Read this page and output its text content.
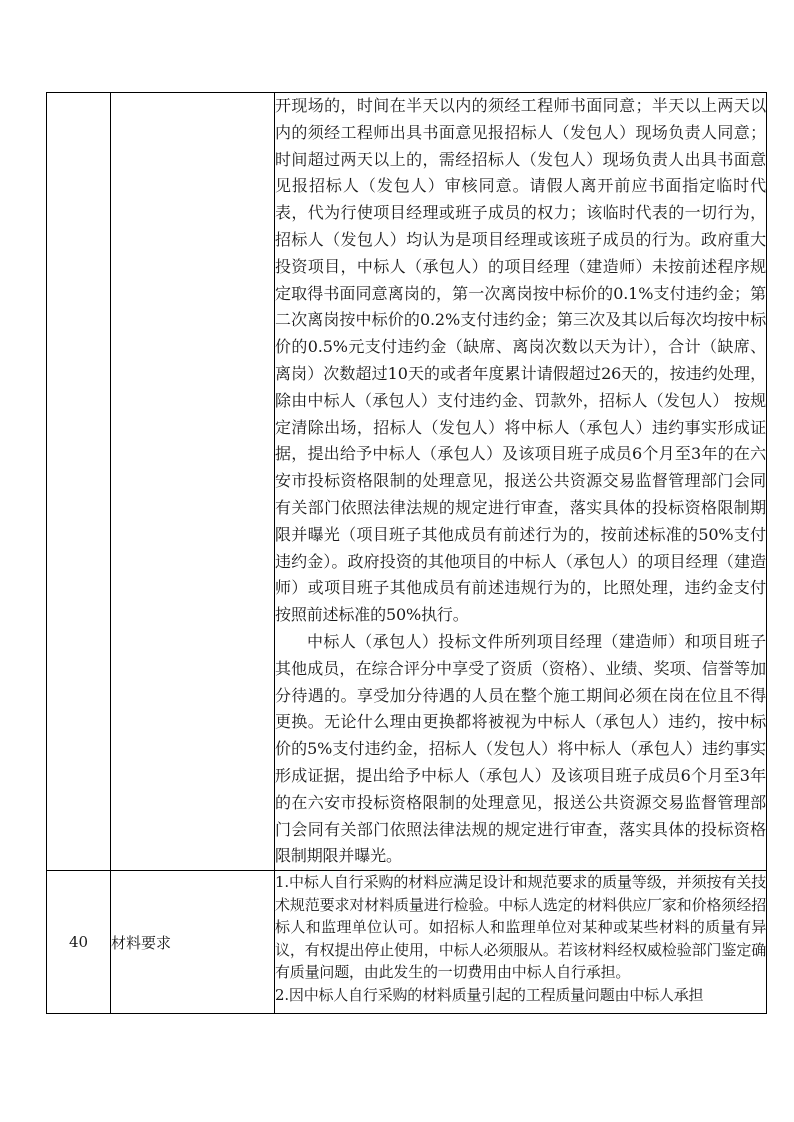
		开现场的，时间在半天以内的须经工程师书面同意；半天以上两天以内的须经工程师出具书面意见报招标人（发包人）现场负责人同意；时间超过两天以上的，需经招标人（发包人）现场负责人出具书面意见报招标人（发包人）审核同意。请假人离开前应书面指定临时代表，代为行使项目经理或班子成员的权力；该临时代表的一切行为，招标人（发包人）均认为是项目经理或该班子成员的行为。政府重大投资项目，中标人（承包人）的项目经理（建造师）未按前述程序规定取得书面同意离岗的，第一次离岗按中标价的0.1%支付违约金；第二次离岗按中标价的0.2%支付违约金；第三次及其以后每次均按中标价的0.5%元支付违约金（缺席、离岗次数以天为计），合计（缺席、离岗）次数超过10天的或者年度累计请假超过26天的，按违约处理，除由中标人（承包人）支付违约金、罚款外，招标人（发包人） 按规定清除出场，招标人（发包人）将中标人（承包人）违约事实形成证据，提出给予中标人（承包人）及该项目班子成员6个月至3年的在六安市投标资格限制的处理意见，报送公共资源交易监督管理部门会同有关部门依照法律法规的规定进行审查，落实具体的投标资格限制期限并曝光（项目班子其他成员有前述行为的，按前述标准的50%支付违约金）。政府投资的其他项目的中标人（承包人）的项目经理（建造师）或项目班子其他成员有前述违规行为的，比照处理，违约金支付按照前述标准的50%执行。

中标人（承包人）投标文件所列项目经理（建造师）和项目班子其他成员，在综合评分中享受了资质（资格）、业绩、奖项、信誉等加分待遇的。享受加分待遇的人员在整个施工期间必须在岗在位且不得更换。无论什么理由更换都将被视为中标人（承包人）违约，按中标价的5%支付违约金，招标人（发包人）将中标人（承包人）违约事实形成证据，提出给予中标人（承包人）及该项目班子成员6个月至3年的在六安市投标资格限制的处理意见，报送公共资源交易监督管理部门会同有关部门依照法律法规的规定进行审查，落实具体的投标资格限制期限并曝光。

40	材料要求	1.中标人自行采购的材料应满足设计和规范要求的质量等级，并须按有关技术规范要求对材料质量进行检验。中标人选定的材料供应厂家和价格须经招标人和监理单位认可。如招标人和监理单位对某种或某些材料的质量有异议，有权提出停止使用，中标人必须服从。若该材料经权威检验部门鉴定确有质量问题，由此发生的一切费用由中标人自行承担。

2.因中标人自行采购的材料质量引起的工程质量问题由中标人承担
